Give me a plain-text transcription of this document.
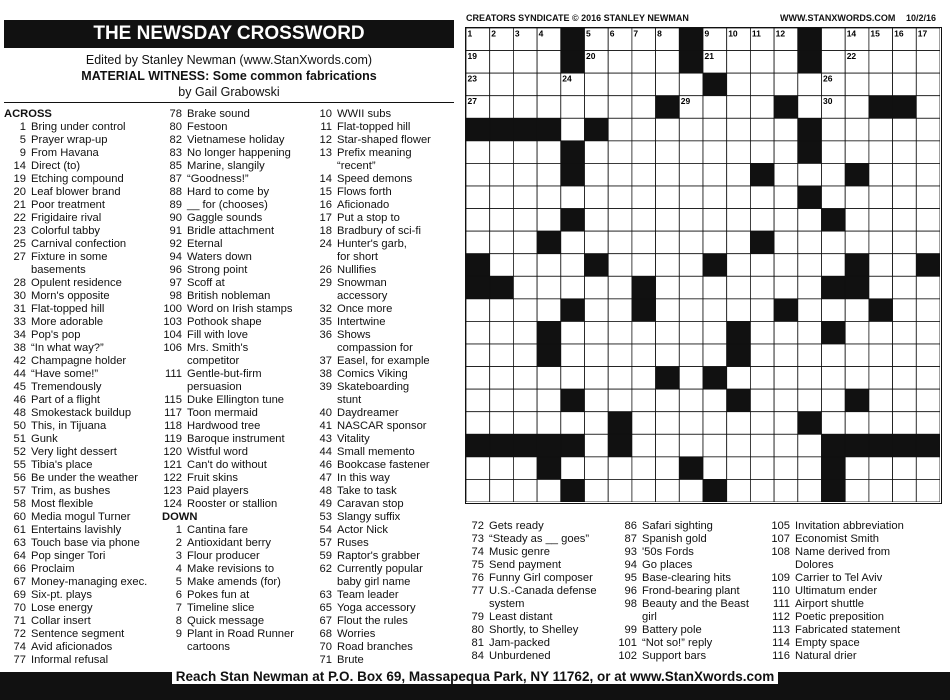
THE NEWSDAY CROSSWORD
Edited by Stanley Newman (www.StanXwords.com)
MATERIAL WITNESS: Some common fabrications
by Gail Grabowski
CREATORS SYNDICATE © 2016 STANLEY NEWMAN	WWW.STANXWORDS.COM 10/2/16
ACROSS
1 Bring under control
5 Prayer wrap-up
9 From Havana
14 Direct (to)
19 Etching compound
20 Leaf blower brand
21 Poor treatment
22 Frigidaire rival
23 Colorful tabby
25 Carnival confection
27 Fixture in some
basements
28 Opulent residence
30 Morn's opposite
31 Flat-topped hill
33 More adorable
34 Pop's pop
38 “In what way?”
42 Champagne holder
44 “Have some!”
45 Tremendously
46 Part of a flight
48 Smokestack buildup
50 This, in Tijuana
51 Gunk
52 Very light dessert
55 Tibia's place
56 Be under the weather
57 Trim, as bushes
58 Most flexible
60 Media mogul Turner
61 Entertains lavishly
63 Touch base via phone
64 Pop singer Tori
66 Proclaim
67 Money-managing exec.
69 Six-pt. plays
70 Lose energy
71 Collar insert
72 Sentence segment
74 Avid aficionados
77 Informal refusal
78 Brake sound
80 Festoon
82 Vietnamese holiday
83 No longer happening
85 Marine, slangily
87 “Goodness!”
88 Hard to come by
89 __ for (chooses)
90 Gaggle sounds
91 Bridle attachment
92 Eternal
94 Waters down
96 Strong point
97 Scoff at
98 British nobleman
100 Word on Irish stamps
103 Pothook shape
104 Fill with love
106 Mrs. Smith's
competitor
111 Gentle-but-firm
persuasion
115 Duke Ellington tune
117 Toon mermaid
118 Hardwood tree
119 Baroque instrument
120 Wistful word
121 Can't do without
122 Fruit skins
123 Paid players
124 Rooster or stallion
DOWN
1 Cantina fare
2 Antioxidant berry
3 Flour producer
4 Make revisions to
5 Make amends (for)
6 Pokes fun at
7 Timeline slice
8 Quick message
9 Plant in Road Runner
cartoons
10 WWII subs
11 Flat-topped hill
12 Star-shaped flower
13 Prefix meaning
“recent”
14 Speed demons
15 Flows forth
16 Aficionado
17 Put a stop to
18 Bradbury of sci-fi
24 Hunter's garb,
for short
26 Nullifies
29 Snowman
accessory
32 Once more
35 Intertwine
36 Shows
compassion for
37 Easel, for example
38 Comics Viking
39 Skateboarding
stunt
40 Daydreamer
41 NASCAR sponsor
43 Vitality
44 Small memento
46 Bookcase fastener
47 In this way
48 Take to task
49 Caravan stop
53 Slangy suffix
54 Actor Nick
57 Ruses
59 Raptor's grabber
62 Currently popular
baby girl name
63 Team leader
65 Yoga accessory
67 Flout the rules
68 Worries
70 Road branches
71 Brute
1 2 3 4	5 6 7 8	9 10 11 12	14 15 16 17
19	20	21	22
23	24	26
27	29	30
72 Gets ready
73 “Steady as __ goes”
74 Music genre
75 Send payment
76 Funny Girl composer
77 U.S.-Canada defense
system
79 Least distant
80 Shortly, to Shelley
81 Jam-packed
84 Unburdened
86 Safari sighting
87 Spanish gold
93 '50s Fords
94 Go places
95 Base-clearing hits
96 Frond-bearing plant
98 Beauty and the Beast
girl
99 Battery pole
101 “Not so!” reply
102 Support bars
105 Invitation abbreviation
107 Economist Smith
108 Name derived from
Dolores
109 Carrier to Tel Aviv
110 Ultimatum ender
111 Airport shuttle
112 Poetic preposition
113 Fabricated statement
114 Empty space
116 Natural drier
Reach Stan Newman at P.O. Box 69, Massapequa Park, NY 11762, or at www.StanXwords.com
